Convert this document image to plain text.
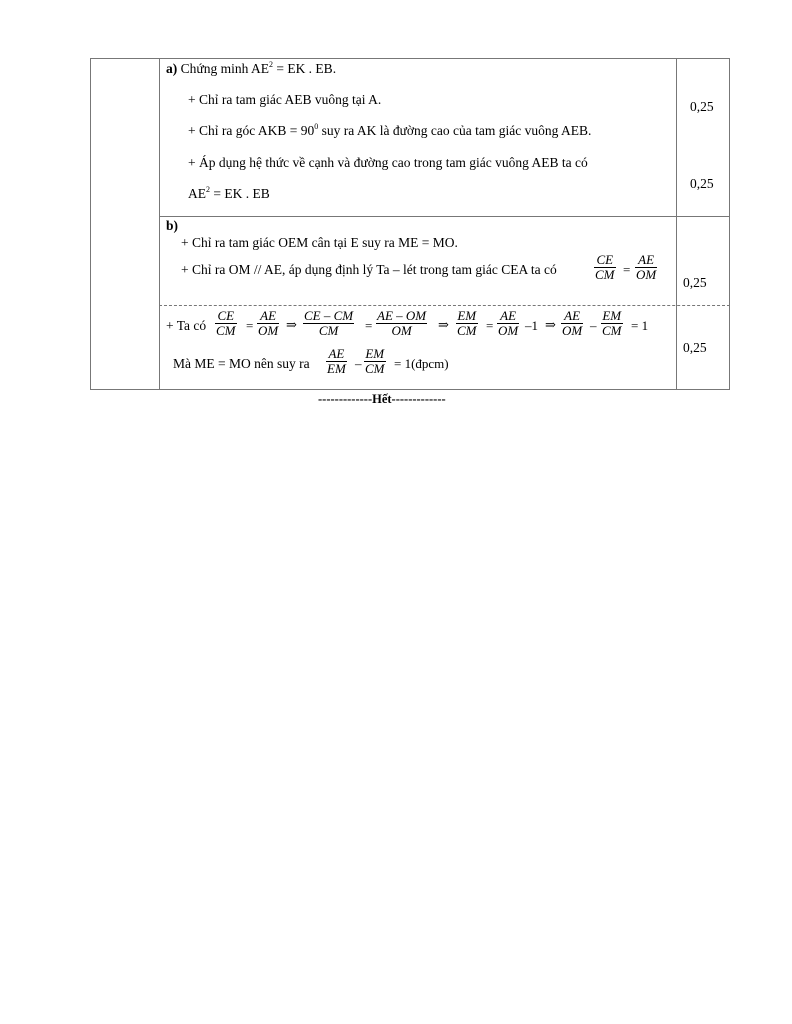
a) Chứng minh $AE^2$ = EK . EB.
+ Chỉ ra tam giác AEB vuông tại A.
+ Chỉ ra góc AKB = $90^0$ suy ra AK là đường cao của tam giác vuông AEB.
+ Áp dụng hệ thức về cạnh và đường cao trong tam giác vuông AEB ta có
$AE^2$ = EK . EB
0,25
0,25
b)
+ Chỉ ra tam giác OEM cân tại E suy ra ME = MO.
+ Chỉ ra OM // AE, áp dụng định lý Ta – lét trong tam giác CEA ta có	$\frac{CE}{CM} = \frac{AE}{OM}$
0,25
+ Ta có $\frac{CE}{CM} = \frac{AE}{OM}$ ⇒ $\frac{CE - CM}{CM} = \frac{AE - OM}{OM}$ ⇒ $\frac{EM}{CM} = \frac{AE}{OM} -1$ ⇒ $\frac{AE}{OM} - \frac{EM}{CM} = 1$
Mà ME = MO nên suy ra $\frac{AE}{EM} - \frac{EM}{CM}$ = 1(đpcm)
0,25
-------------Hết-------------
